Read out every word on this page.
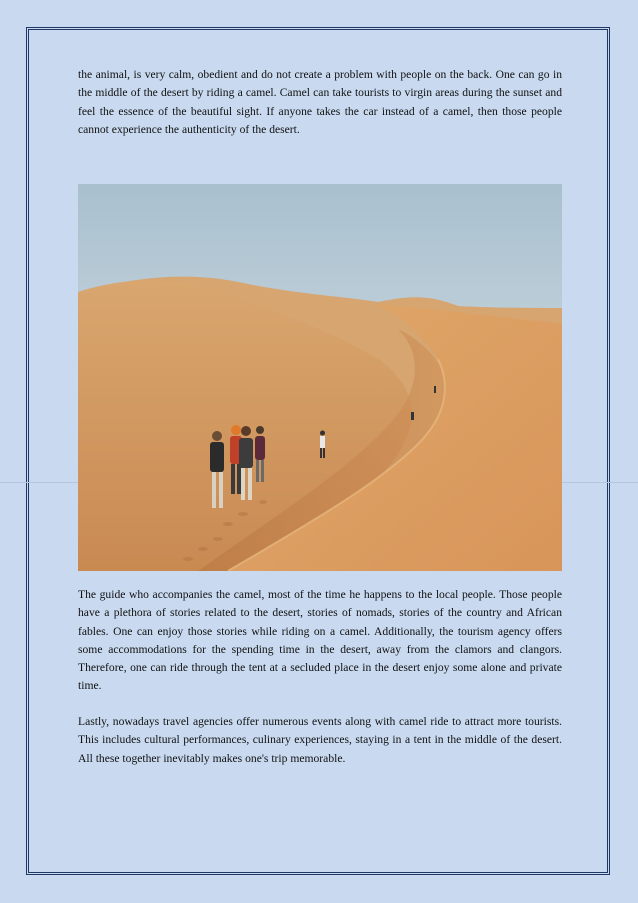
the animal, is very calm, obedient and do not create a problem with people on the back. One can go in the middle of the desert by riding a camel. Camel can take tourists to virgin areas during the sunset and feel the essence of the beautiful sight. If anyone takes the car instead of a camel, then those people cannot experience the authenticity of the desert.

The guide who accompanies the camel, most of the time he happens to the local people. Those people have a plethora of stories related to the desert, stories of nomads, stories of the country and African fables. One can enjoy those stories while riding on a camel. Additionally, the tourism agency offers some accommodations for the spending time in the desert, away from the clamors and clangors. Therefore, one can ride through the tent at a secluded place in the desert enjoy some alone and private time.

Lastly, nowadays travel agencies offer numerous events along with camel ride to attract more tourists. This includes cultural performances, culinary experiences, staying in a tent in the middle of the desert. All these together inevitably makes one's trip memorable.
